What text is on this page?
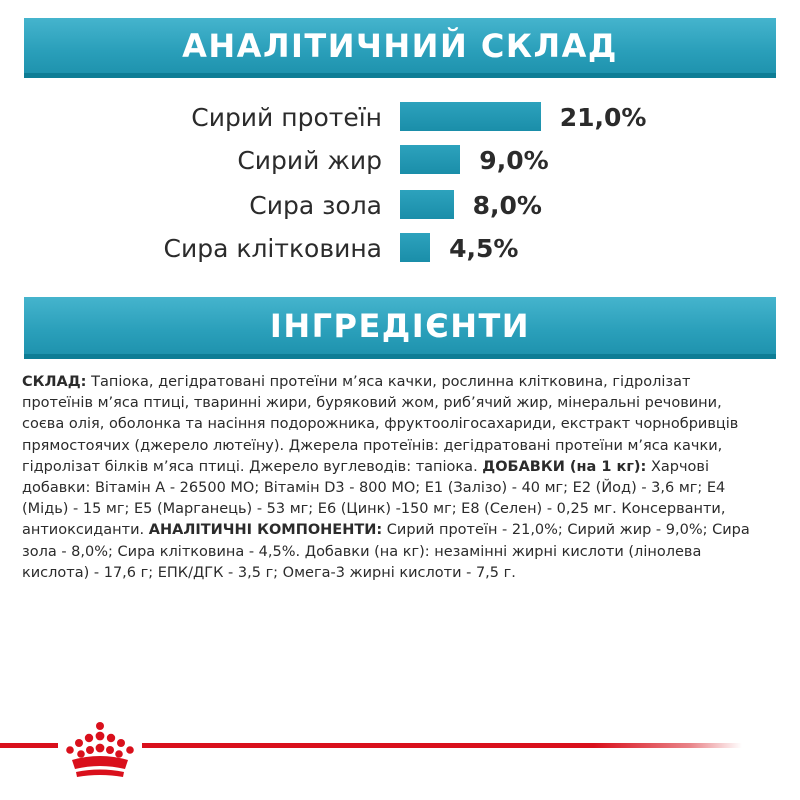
АНАЛІТИЧНИЙ СКЛАД
Сирий протеїн	21,0%
Сирий жир	9,0%
Сира зола	8,0%
Сира клітковина	4,5%
ІНГРЕДІЄНТИ
СКЛАД: Тапіока, дегідратовані протеїни м’яса качки, рослинна клітковина, гідролізат
протеїнів м’яса птиці, тваринні жири, буряковий жом, риб’ячий жир, мінеральні речовини,
соєва олія, оболонка та насіння подорожника, фруктоолігосахариди, екстракт чорнобривців
прямостоячих (джерело лютеїну). Джерела протеїнів: дегідратовані протеїни м’яса качки,
гідролізат білків м’яса птиці. Джерело вуглеводів: тапіока. ДОБАВКИ (на 1 кг): Харчові
добавки: Вітамін А - 26500 МО; Вітамін D3 - 800 МО; Е1 (Залізо) - 40 мг; Е2 (Йод) - 3,6 мг; Е4
(Мідь) - 15 мг; Е5 (Марганець) - 53 мг; Е6 (Цинк) -150 мг; Е8 (Селен) - 0,25 мг. Консерванти,
антиоксиданти. АНАЛІТИЧНІ КОМПОНЕНТИ: Сирий протеїн - 21,0%; Сирий жир - 9,0%; Сира
зола - 8,0%; Сира клітковина - 4,5%. Добавки (на кг): незамінні жирні кислоти (лінолева
кислота) - 17,6 г; ЕПК/ДГК - 3,5 г; Омега-3 жирні кислоти - 7,5 г.
